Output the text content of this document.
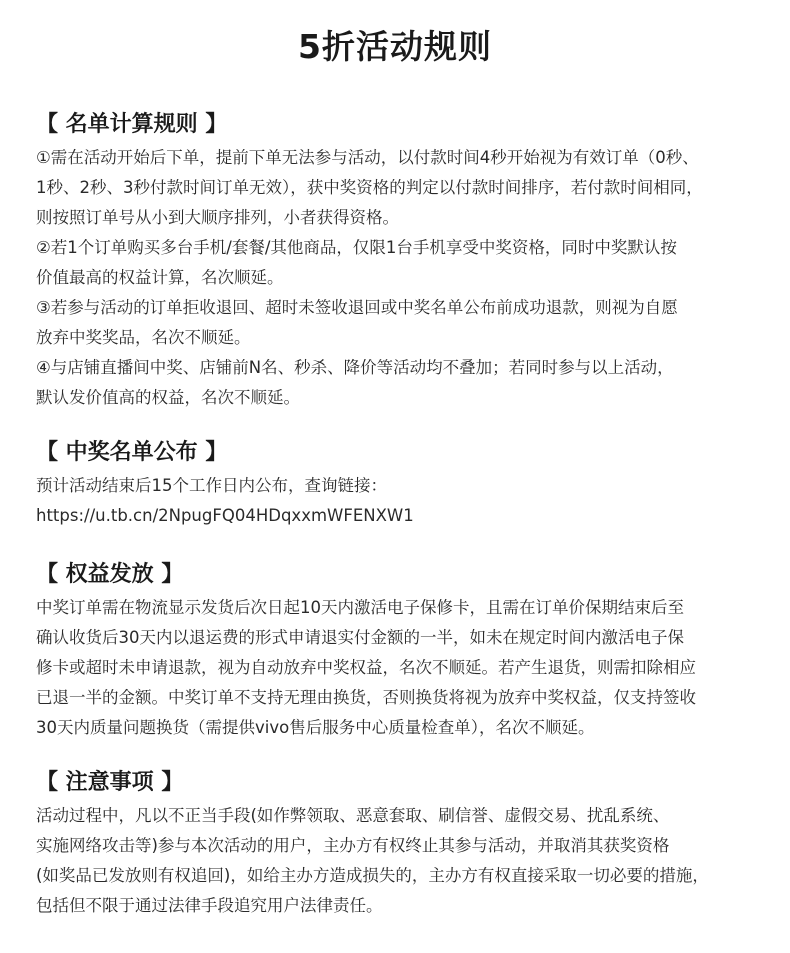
5折活动规则
【 名单计算规则 】
①需在活动开始后下单，提前下单无法参与活动，以付款时间4秒开始视为有效订单（0秒、
1秒、2秒、3秒付款时间订单无效），获中奖资格的判定以付款时间排序，若付款时间相同，
则按照订单号从小到大顺序排列，小者获得资格。
②若1个订单购买多台手机/套餐/其他商品，仅限1台手机享受中奖资格，同时中奖默认按
价值最高的权益计算，名次顺延。
③若参与活动的订单拒收退回、超时未签收退回或中奖名单公布前成功退款，则视为自愿
放弃中奖奖品，名次不顺延。
④与店铺直播间中奖、店铺前N名、秒杀、降价等活动均不叠加；若同时参与以上活动，
默认发价值高的权益，名次不顺延。
【 中奖名单公布 】
预计活动结束后15个工作日内公布，查询链接：
https://u.tb.cn/2NpugFQ04HDqxxmWFENXW1
【 权益发放 】
中奖订单需在物流显示发货后次日起10天内激活电子保修卡，且需在订单价保期结束后至
确认收货后30天内以退运费的形式申请退实付金额的一半，如未在规定时间内激活电子保
修卡或超时未申请退款，视为自动放弃中奖权益，名次不顺延。若产生退货，则需扣除相应
已退一半的金额。中奖订单不支持无理由换货，否则换货将视为放弃中奖权益，仅支持签收
30天内质量问题换货（需提供vivo售后服务中心质量检查单），名次不顺延。
【 注意事项 】
活动过程中，凡以不正当手段(如作弊领取、恶意套取、刷信誉、虚假交易、扰乱系统、
实施网络攻击等)参与本次活动的用户，主办方有权终止其参与活动，并取消其获奖资格
(如奖品已发放则有权追回)，如给主办方造成损失的，主办方有权直接采取一切必要的措施，
包括但不限于通过法律手段追究用户法律责任。
